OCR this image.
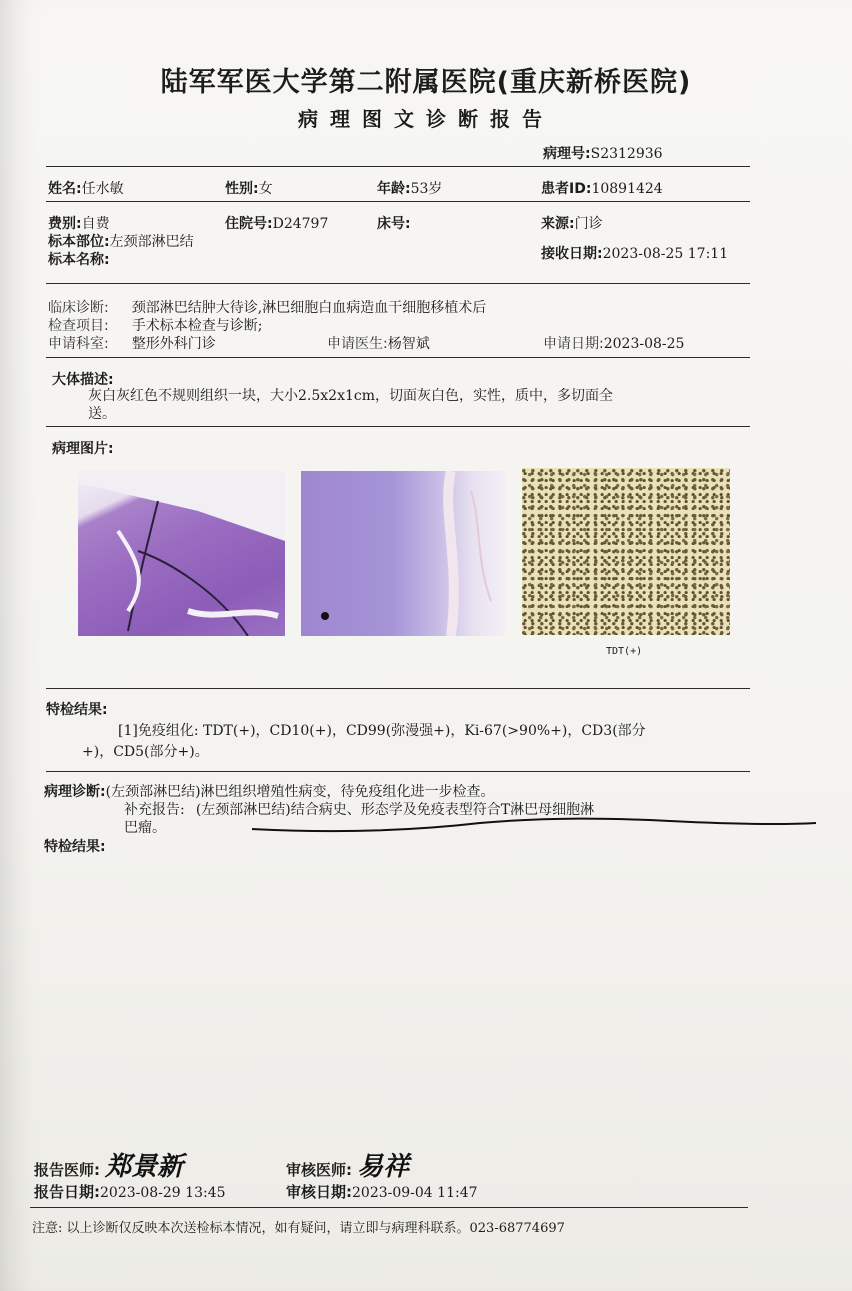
陆军军医大学第二附属医院(重庆新桥医院)
病理图文诊断报告
病理号:S2312936
姓名:任水敏	性别:女	年龄:53岁	患者ID:10891424
费别:自费	住院号:D24797	床号:	来源:门诊
标本部位:左颈部淋巴结
标本名称:	接收日期:2023-08-25 17:11
临床诊断: 颈部淋巴结肿大待诊,淋巴细胞白血病造血干细胞移植术后
检查项目: 手术标本检查与诊断;
申请科室: 整形外科门诊	申请医生:杨智斌	申请日期:2023-08-25
大体描述:
灰白灰红色不规则组织一块，大小2.5x2x1cm，切面灰白色，实性，质中，多切面全
送。
病理图片:
TDT(+)
特检结果:
[1]免疫组化: TDT(+)，CD10(+)，CD99(弥漫强+)，Ki-67(>90%+)，CD3(部分
+)，CD5(部分+)。
病理诊断:(左颈部淋巴结)淋巴组织增殖性病变，待免疫组化进一步检查。
补充报告: (左颈部淋巴结)结合病史、形态学及免疫表型符合T淋巴母细胞淋
巴瘤。
特检结果:
报告医师: 郑景新	审核医师: 易祥
报告日期:2023-08-29 13:45	审核日期:2023-09-04 11:47
注意: 以上诊断仅反映本次送检标本情况，如有疑问，请立即与病理科联系。023-68774697
